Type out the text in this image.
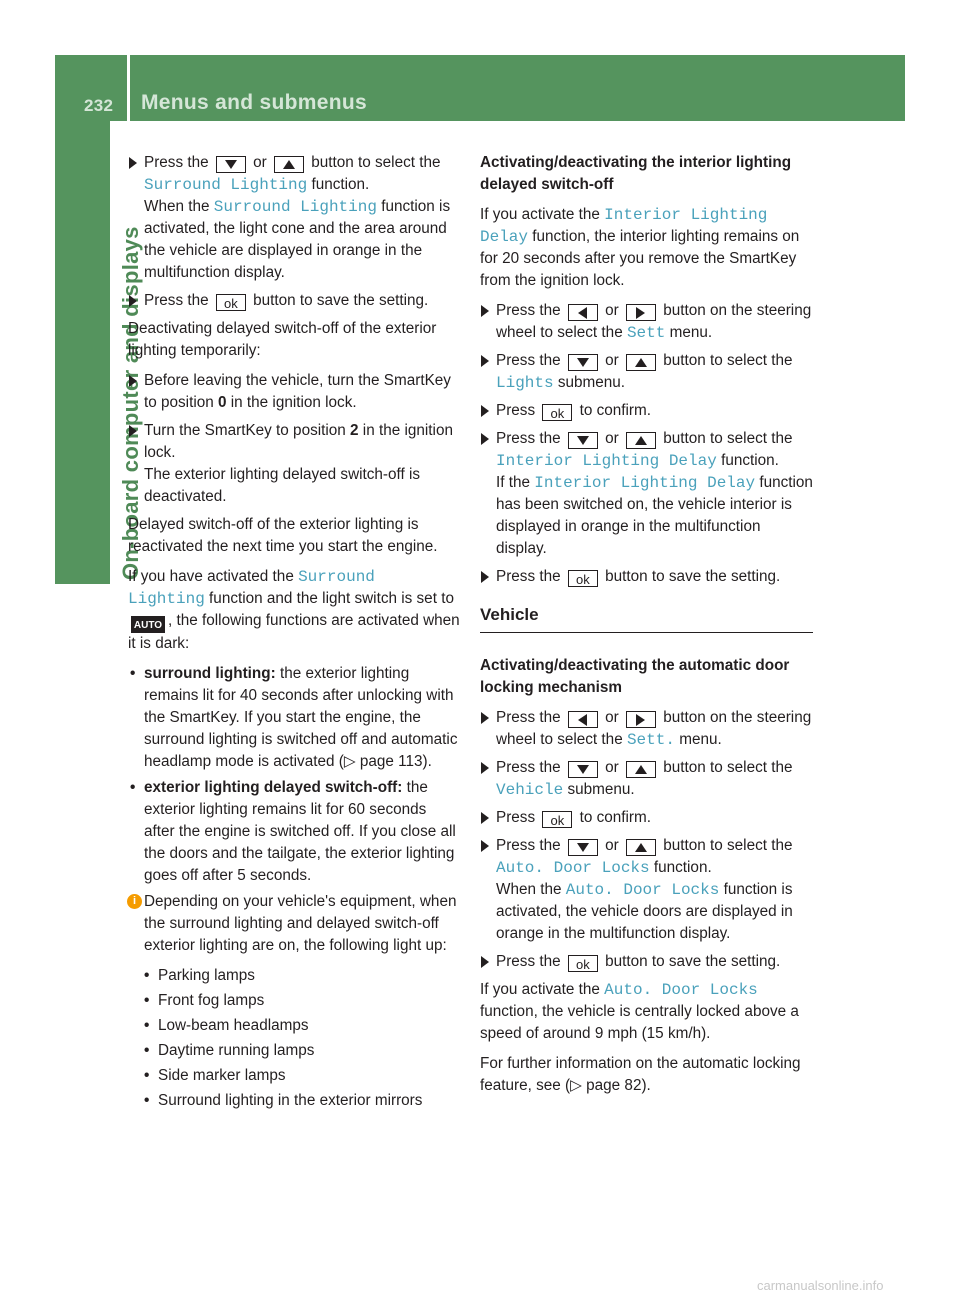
232 Menus and submenus
On-board computer and displays
Press the  or  button to select the Surround Lighting function.
When the Surround Lighting function is activated, the light cone and the area around the vehicle are displayed in orange in the multifunction display.
Press the ok button to save the setting.

Deactivating delayed switch-off of the exterior lighting temporarily:

Before leaving the vehicle, turn the SmartKey to position 0 in the ignition lock.
Turn the SmartKey to position 2 in the ignition lock.
The exterior lighting delayed switch-off is deactivated.

Delayed switch-off of the exterior lighting is reactivated the next time you start the engine.

If you have activated the Surround Lighting function and the light switch is set to AUTO , the following functions are activated when it is dark:

• surround lighting: the exterior lighting remains lit for 40 seconds after unlocking with the SmartKey. If you start the engine, the surround lighting is switched off and automatic headlamp mode is activated (▷ page 113).
• exterior lighting delayed switch-off: the exterior lighting remains lit for 60 seconds after the engine is switched off. If you close all the doors and the tailgate, the exterior lighting goes off after 5 seconds.
i Depending on your vehicle's equipment, when the surround lighting and delayed switch-off exterior lighting are on, the following light up:
• Parking lamps
• Front fog lamps
• Low-beam headlamps
• Daytime running lamps
• Side marker lamps
• Surround lighting in the exterior mirrors

Activating/deactivating the interior lighting delayed switch-off

If you activate the Interior Lighting Delay function, the interior lighting remains on for 20 seconds after you remove the SmartKey from the ignition lock.

Press the  or  button on the steering wheel to select the Sett menu.
Press the  or  button to select the Lights submenu.
Press ok to confirm.
Press the  or  button to select the Interior Lighting Delay function.
If the Interior Lighting Delay function has been switched on, the vehicle interior is displayed in orange in the multifunction display.
Press the ok button to save the setting.
Vehicle

Activating/deactivating the automatic door locking mechanism

Press the  or  button on the steering wheel to select the Sett. menu.
Press the  or  button to select the Vehicle submenu.
Press ok to confirm.
Press the  or  button to select the Auto. Door Locks function.
When the Auto. Door Locks function is activated, the vehicle doors are displayed in orange in the multifunction display.
Press the ok button to save the setting.

If you activate the Auto. Door Locks function, the vehicle is centrally locked above a speed of around 9 mph (15 km/h).

For further information on the automatic locking feature, see (▷ page 82).

carmanualsonline.info
